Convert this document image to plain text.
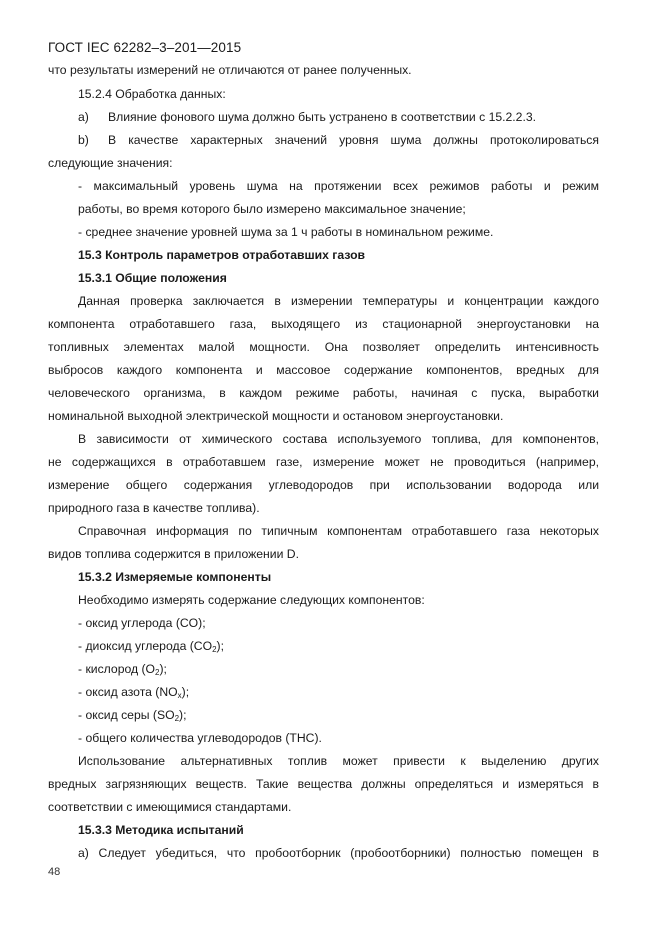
ГОСТ IEC 62282–3–201—2015
что результаты измерений не отличаются от ранее полученных.
15.2.4 Обработка данных:
a) Влияние фонового шума должно быть устранено в соответствии с 15.2.2.3.
b) В качестве характерных значений уровня шума должны протоколироваться
следующие значения:
- максимальный уровень шума на протяжении всех режимов работы и режим
работы, во время которого было измерено максимальное значение;
- среднее значение уровней шума за 1 ч работы в номинальном режиме.
15.3 Контроль параметров отработавших газов
15.3.1 Общие положения
Данная проверка заключается в измерении температуры и концентрации каждого
компонента отработавшего газа, выходящего из стационарной энергоустановки на
топливных элементах малой мощности. Она позволяет определить интенсивность
выбросов каждого компонента и массовое содержание компонентов, вредных для
человеческого организма, в каждом режиме работы, начиная с пуска, выработки
номинальной выходной электрической мощности и остановом энергоустановки.
В зависимости от химического состава используемого топлива, для компонентов,
не содержащихся в отработавшем газе, измерение может не проводиться (например,
измерение общего содержания углеводородов при использовании водорода или
природного газа в качестве топлива).
Справочная информация по типичным компонентам отработавшего газа некоторых
видов топлива содержится в приложении D.
15.3.2 Измеряемые компоненты
Необходимо измерять содержание следующих компонентов:
- оксид углерода (CO);
- диоксид углерода $(CO_2)$;
- кислород $(O_2)$;
- оксид азота $(NO_x)$;
- оксид серы $(SO_2)$;
- общего количества углеводородов (THC).
Использование альтернативных топлив может привести к выделению других
вредных загрязняющих веществ. Такие вещества должны определяться и измеряться в
соответствии с имеющимися стандартами.
15.3.3 Методика испытаний
а) Следует убедиться, что пробоотборник (пробоотборники) полностью помещен в
48
